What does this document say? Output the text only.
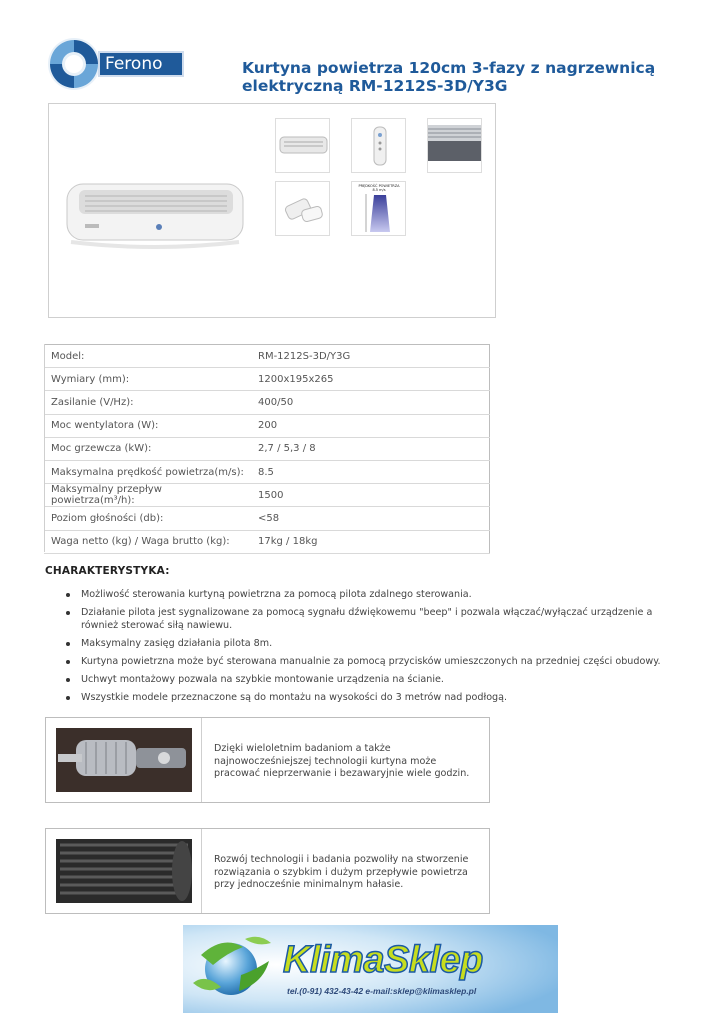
Ferono	Kurtyna powietrza 120cm 3-fazy z nagrzewnicą elektryczną RM-1212S-3D/Y3G
PRĘDKOŚĆ POWIETRZA
8.5 m/s
Model:	RM-1212S-3D/Y3G
Wymiary (mm):	1200x195x265
Zasilanie (V/Hz):	400/50
Moc wentylatora (W):	200
Moc grzewcza (kW):	2,7 / 5,3 / 8
Maksymalna prędkość powietrza(m/s):	8.5
Maksymalny przepływ powietrza(m³/h):	1500
Poziom głośności (db):	<58
Waga netto (kg) / Waga brutto (kg):	17kg / 18kg
CHARAKTERYSTYKA:
Możliwość sterowania kurtyną powietrzna za pomocą pilota zdalnego sterowania.
Działanie pilota jest sygnalizowane za pomocą sygnału dźwiękowemu "beep" i pozwala włączać/wyłączać urządzenie a również sterować siłą nawiewu.
Maksymalny zasięg działania pilota 8m.
Kurtyna powietrzna może być sterowana manualnie za pomocą przycisków umieszczonych na przedniej części obudowy.
Uchwyt montażowy pozwala na szybkie montowanie urządzenia na ścianie.
Wszystkie modele przeznaczone są do montażu na wysokości do 3 metrów nad podłogą.
Dzięki wieloletnim badaniom a także najnowocześniejszej technologii kurtyna może pracować nieprzerwanie i bezawaryjnie wiele godzin.
Rozwój technologii i badania pozwoliły na stworzenie rozwiązania o szybkim i dużym przepływie powietrza przy jednocześnie minimalnym hałasie.
KlimaSklep
tel.(0-91) 432-43-42 e-mail:sklep@klimasklep.pl
